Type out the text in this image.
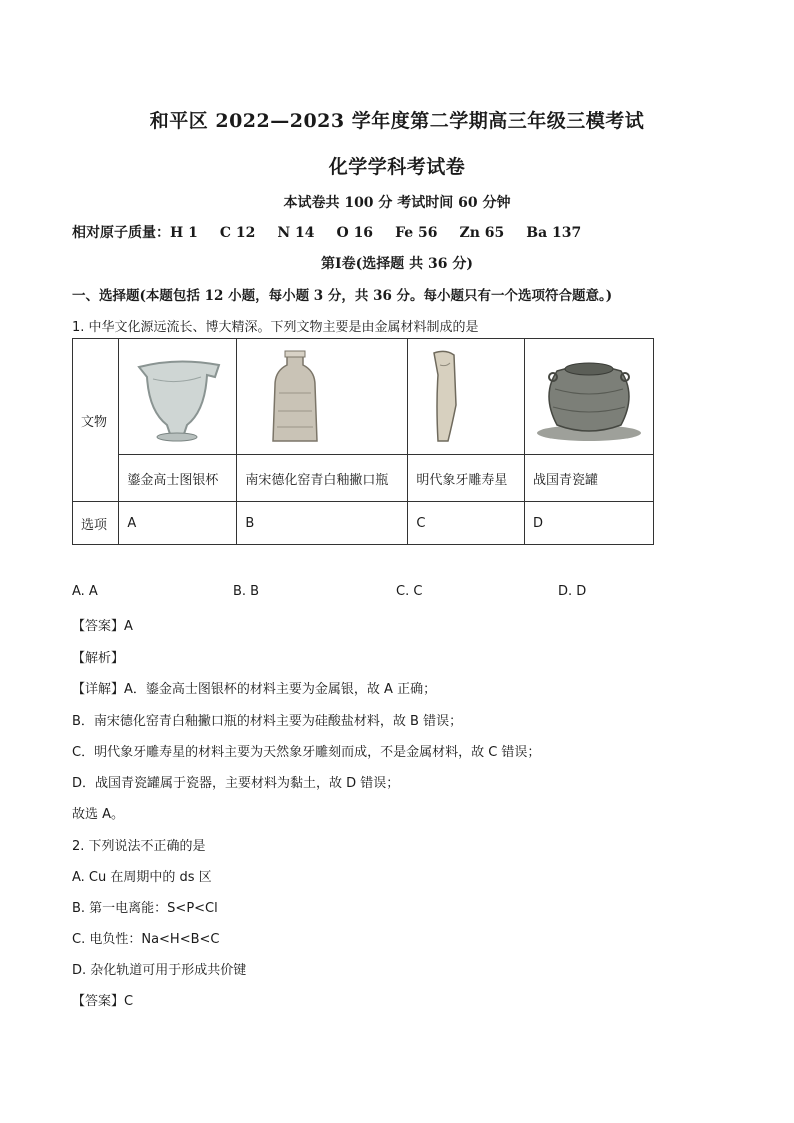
和平区 2022—2023 学年度第二学期高三年级三模考试
化学学科考试卷
本试卷共 100 分 考试时间 60 分钟
相对原子质量：H 1 C 12 N 14 O 16 Fe 56 Zn 65 Ba 137
第Ⅰ卷(选择题 共 36 分)
一、选择题(本题包括 12 小题，每小题 3 分，共 36 分。每小题只有一个选项符合题意。)
1. 中华文化源远流长、博大精深。下列文物主要是由金属材料制成的是
文物				
	鎏金高士图银杯	南宋德化窑青白釉撇口瓶	明代象牙雕寿星	战国青瓷罐
选项	A	B	C	D
A. A	B. B	C. C	D. D
【答案】A
【解析】
【详解】A．鎏金高士图银杯的材料主要为金属银，故 A 正确；
B．南宋德化窑青白釉撇口瓶的材料主要为硅酸盐材料，故 B 错误；
C．明代象牙雕寿星的材料主要为天然象牙雕刻而成，不是金属材料，故 C 错误；
D．战国青瓷罐属于瓷器，主要材料为黏土，故 D 错误；
故选 A。
2. 下列说法不正确的是
A. Cu 在周期中的 ds 区
B. 第一电离能：S<P<Cl
C. 电负性：Na<H<B<C
D. 杂化轨道可用于形成共价键
【答案】C
